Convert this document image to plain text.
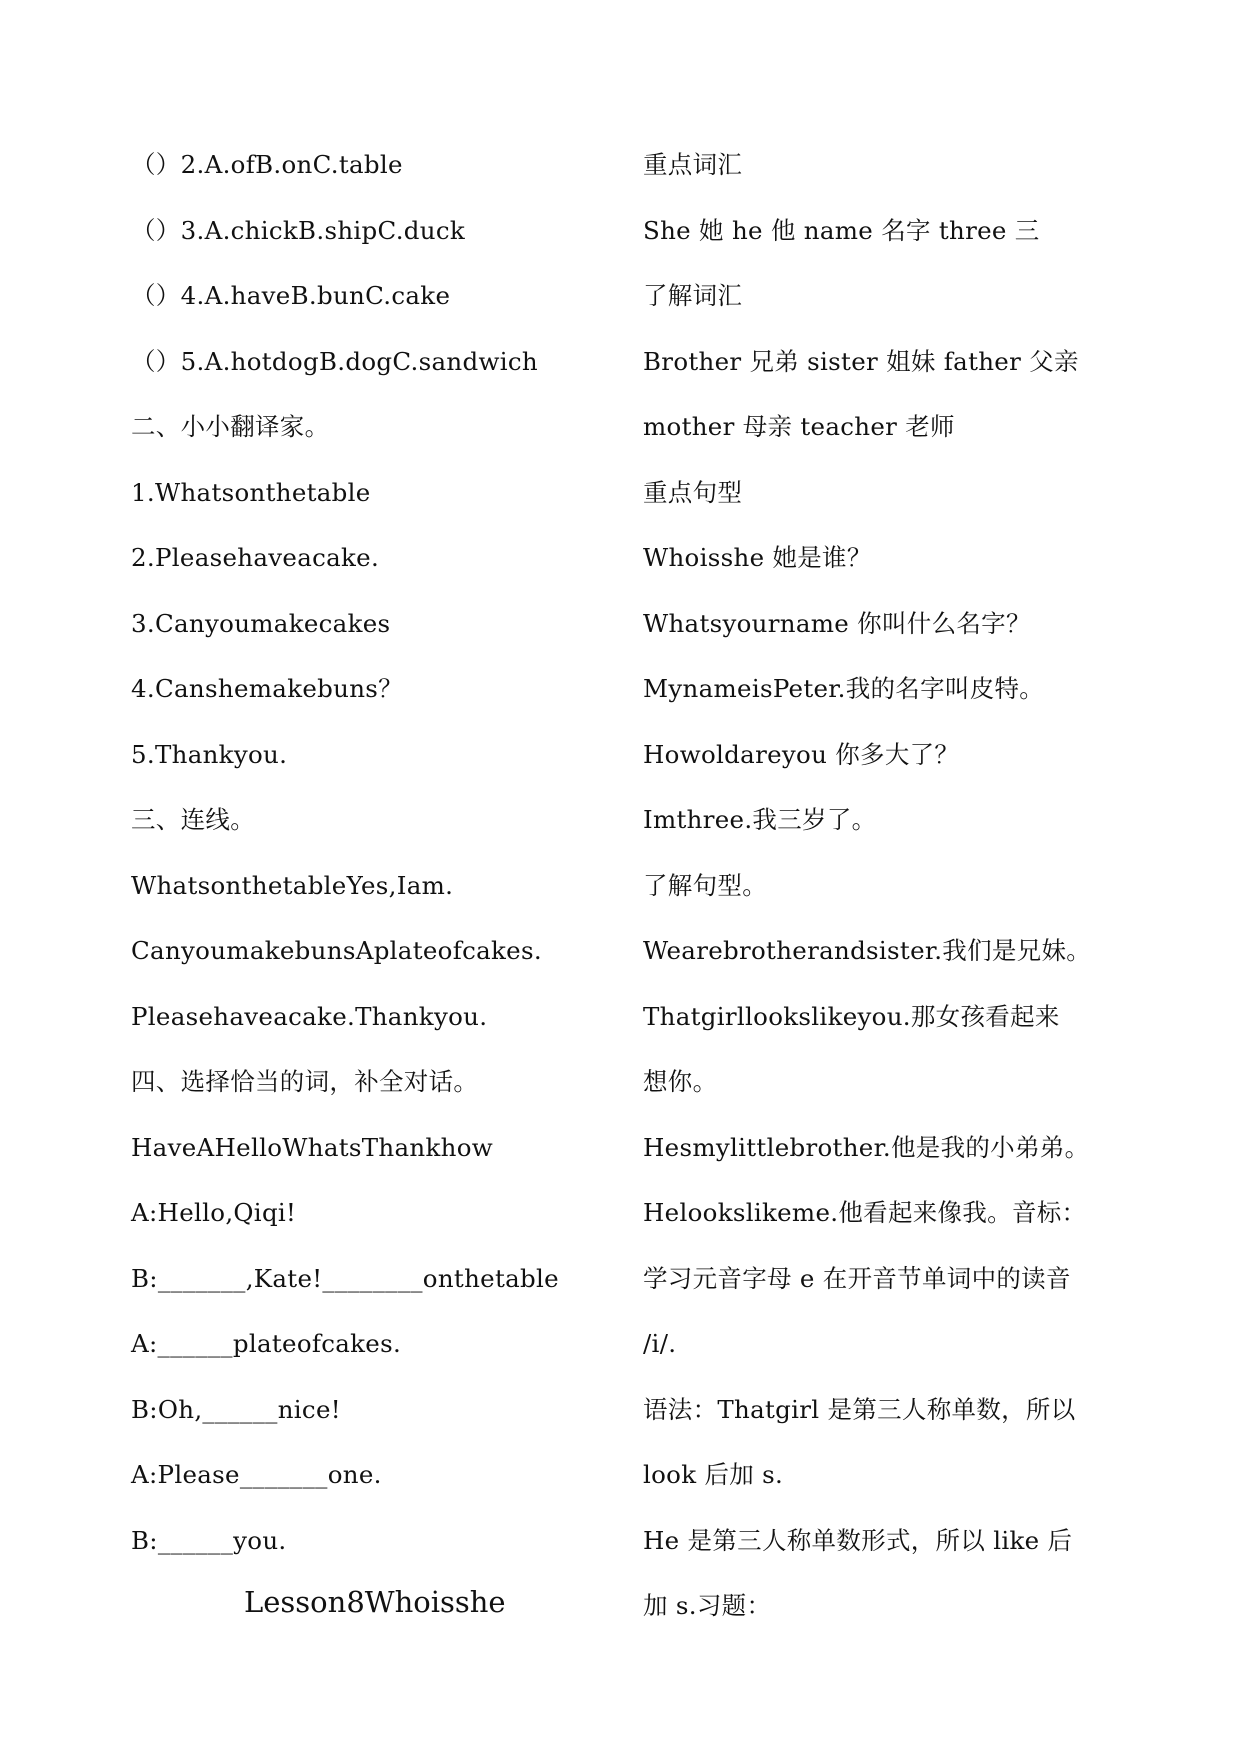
（）2.A.ofB.onC.table
（）3.A.chickB.shipC.duck
（）4.A.haveB.bunC.cake
（）5.A.hotdogB.dogC.sandwich
二、小小翻译家。
1.Whatsonthetable
2.Pleasehaveacake.
3.Canyoumakecakes
4.Canshemakebuns？
5.Thankyou.
三、连线。
WhatsonthetableYes,Iam.
CanyoumakebunsAplateofcakes.
Pleasehaveacake.Thankyou.
四、选择恰当的词，补全对话。
HaveAHelloWhatsThankhow
A:Hello,Qiqi!
B:_______,Kate!________onthetable
A:______plateofcakes.
B:Oh,______nice!
A:Please_______one.
B:______you.
Lesson8Whoisshe
重点词汇
She 她 he 他 name 名字 three 三
了解词汇
Brother 兄弟 sister 姐妹 father 父亲
mother 母亲 teacher 老师
重点句型
Whoisshe 她是谁？
Whatsyourname 你叫什么名字？
MynameisPeter.我的名字叫皮特。
Howoldareyou 你多大了？
Imthree.我三岁了。
了解句型。
Wearebrotherandsister.我们是兄妹。
Thatgirllookslikeyou.那女孩看起来
想你。
Hesmylittlebrother.他是我的小弟弟。
Helookslikeme.他看起来像我。音标：
学习元音字母 e 在开音节单词中的读音
/i/.
语法：Thatgirl 是第三人称单数，所以
look 后加 s.
He 是第三人称单数形式，所以 like 后
加 s.习题：
